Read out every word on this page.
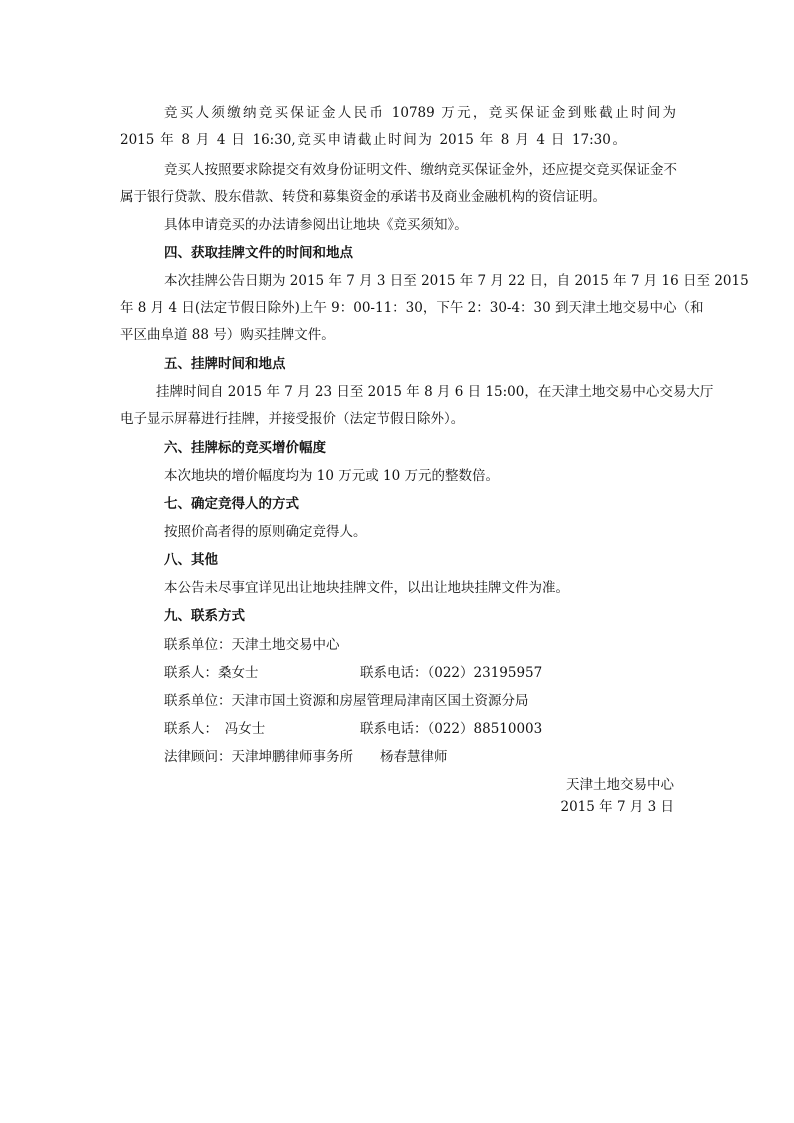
竞买人须缴纳竞买保证金人民币 10789 万元，竞买保证金到账截止时间为
2015 年 8 月 4 日 16:30,竞买申请截止时间为 2015 年 8 月 4 日 17:30。
竞买人按照要求除提交有效身份证明文件、缴纳竞买保证金外，还应提交竞买保证金不
属于银行贷款、股东借款、转贷和募集资金的承诺书及商业金融机构的资信证明。
具体申请竞买的办法请参阅出让地块《竞买须知》。
四、获取挂牌文件的时间和地点
本次挂牌公告日期为 2015 年 7 月 3 日至 2015 年 7 月 22 日，自 2015 年 7 月 16 日至 2015
年 8 月 4 日(法定节假日除外)上午 9：00-11：30，下午 2：30-4：30 到天津土地交易中心（和
平区曲阜道 88 号）购买挂牌文件。
五、挂牌时间和地点
挂牌时间自 2015 年 7 月 23 日至 2015 年 8 月 6 日 15:00，在天津土地交易中心交易大厅
电子显示屏幕进行挂牌，并接受报价（法定节假日除外）。
六、挂牌标的竞买增价幅度
本次地块的增价幅度均为 10 万元或 10 万元的整数倍。
七、确定竞得人的方式
按照价高者得的原则确定竞得人。
八、其他
本公告未尽事宜详见出让地块挂牌文件，以出让地块挂牌文件为准。
九、联系方式
联系单位：天津土地交易中心
联系人：桑女士	联系电话：（022）23195957
联系单位：天津市国土资源和房屋管理局津南区国土资源分局
联系人：　冯女士	联系电话：（022）88510003
法律顾问：天津坤鹏律师事务所 杨春慧律师
天津土地交易中心
2015 年 7 月 3 日
